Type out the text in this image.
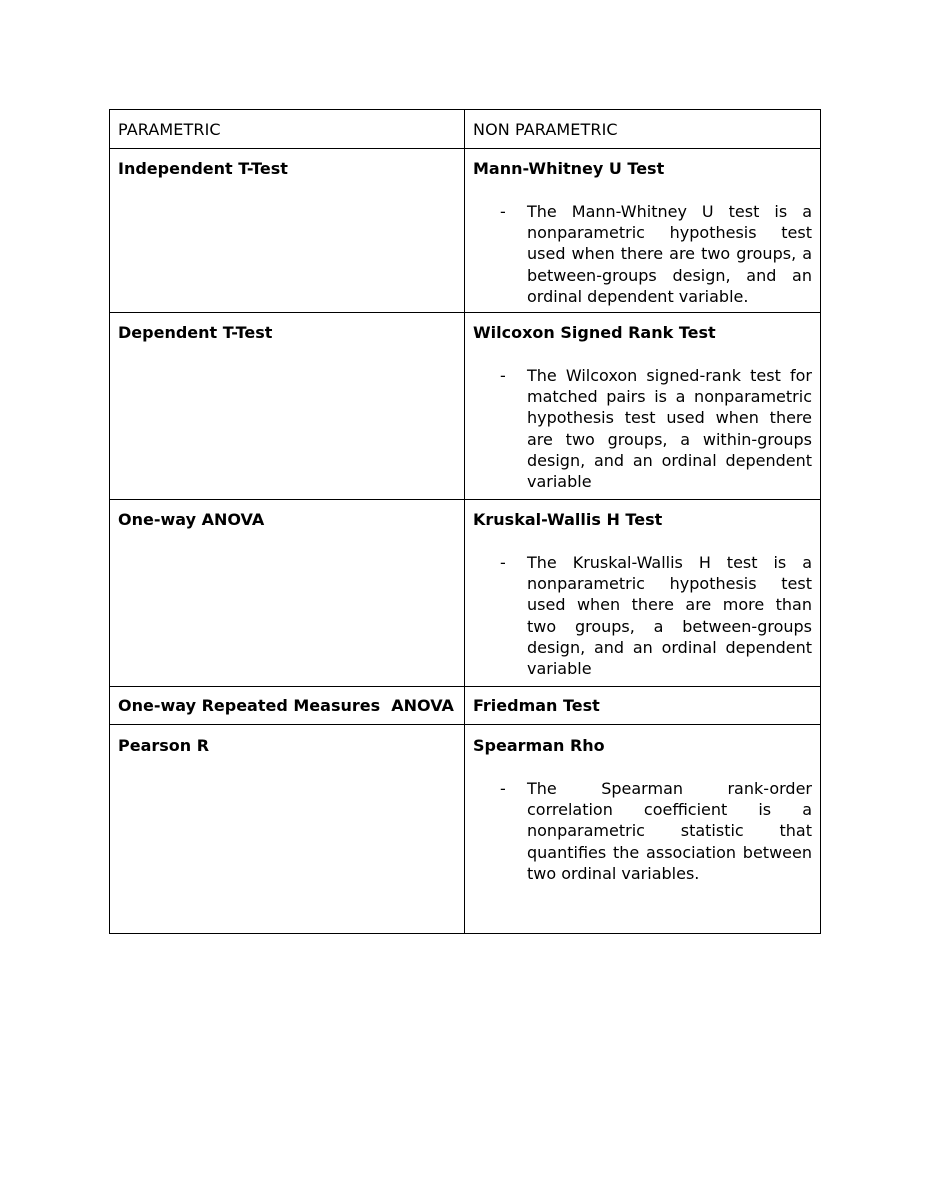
PARAMETRIC	NON PARAMETRIC

Independent T-Test	Mann-Whitney U Test
- The Mann-Whitney U test is a nonparametric hypothesis test used when there are two groups, a between-groups design, and an ordinal dependent variable.

Dependent T-Test	Wilcoxon Signed Rank Test
- The Wilcoxon signed-rank test for matched pairs is a nonparametric hypothesis test used when there are two groups, a within-groups design, and an ordinal dependent variable

One-way ANOVA	Kruskal-Wallis H Test
- The Kruskal-Wallis H test is a nonparametric hypothesis test used when there are more than two groups, a between-groups design, and an ordinal dependent variable

One-way Repeated Measures  ANOVA	Friedman Test

Pearson R	Spearman Rho
- The Spearman rank-order correlation coefficient is a nonparametric statistic that quantifies the association between two ordinal variables.
